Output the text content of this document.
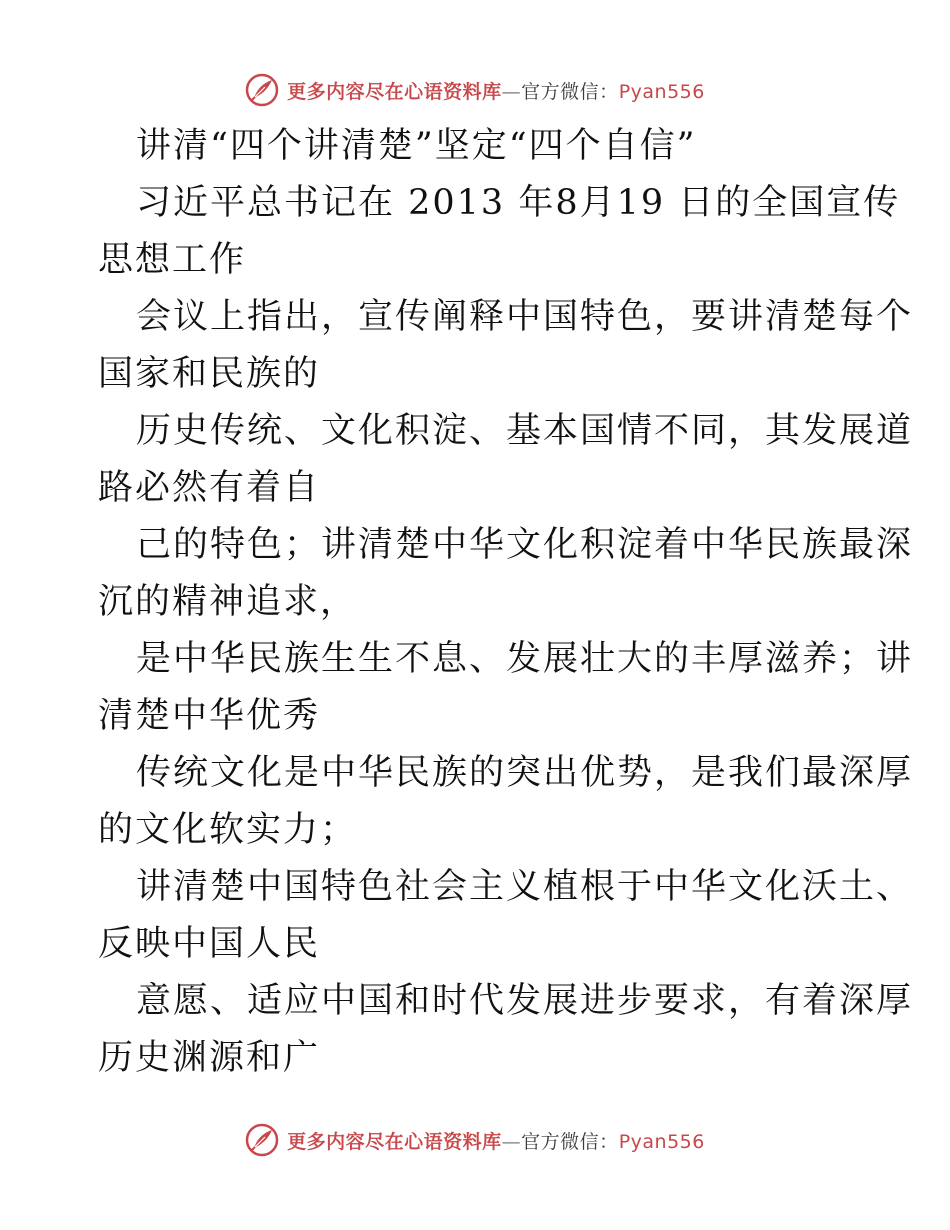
更多内容尽在心语资料库—官方微信：Pyan556

讲清“四个讲清楚”坚定“四个自信”

习近平总书记在 2013 年8月19 日的全国宣传

思想工作

会议上指出，宣传阐释中国特色，要讲清楚每个

国家和民族的

历史传统、文化积淀、基本国情不同，其发展道

路必然有着自

己的特色；讲清楚中华文化积淀着中华民族最深

沉的精神追求，

是中华民族生生不息、发展壮大的丰厚滋养；讲

清楚中华优秀

传统文化是中华民族的突出优势，是我们最深厚

的文化软实力；

讲清楚中国特色社会主义植根于中华文化沃土、

反映中国人民

意愿、适应中国和时代发展进步要求，有着深厚

历史渊源和广

更多内容尽在心语资料库—官方微信：Pyan556
